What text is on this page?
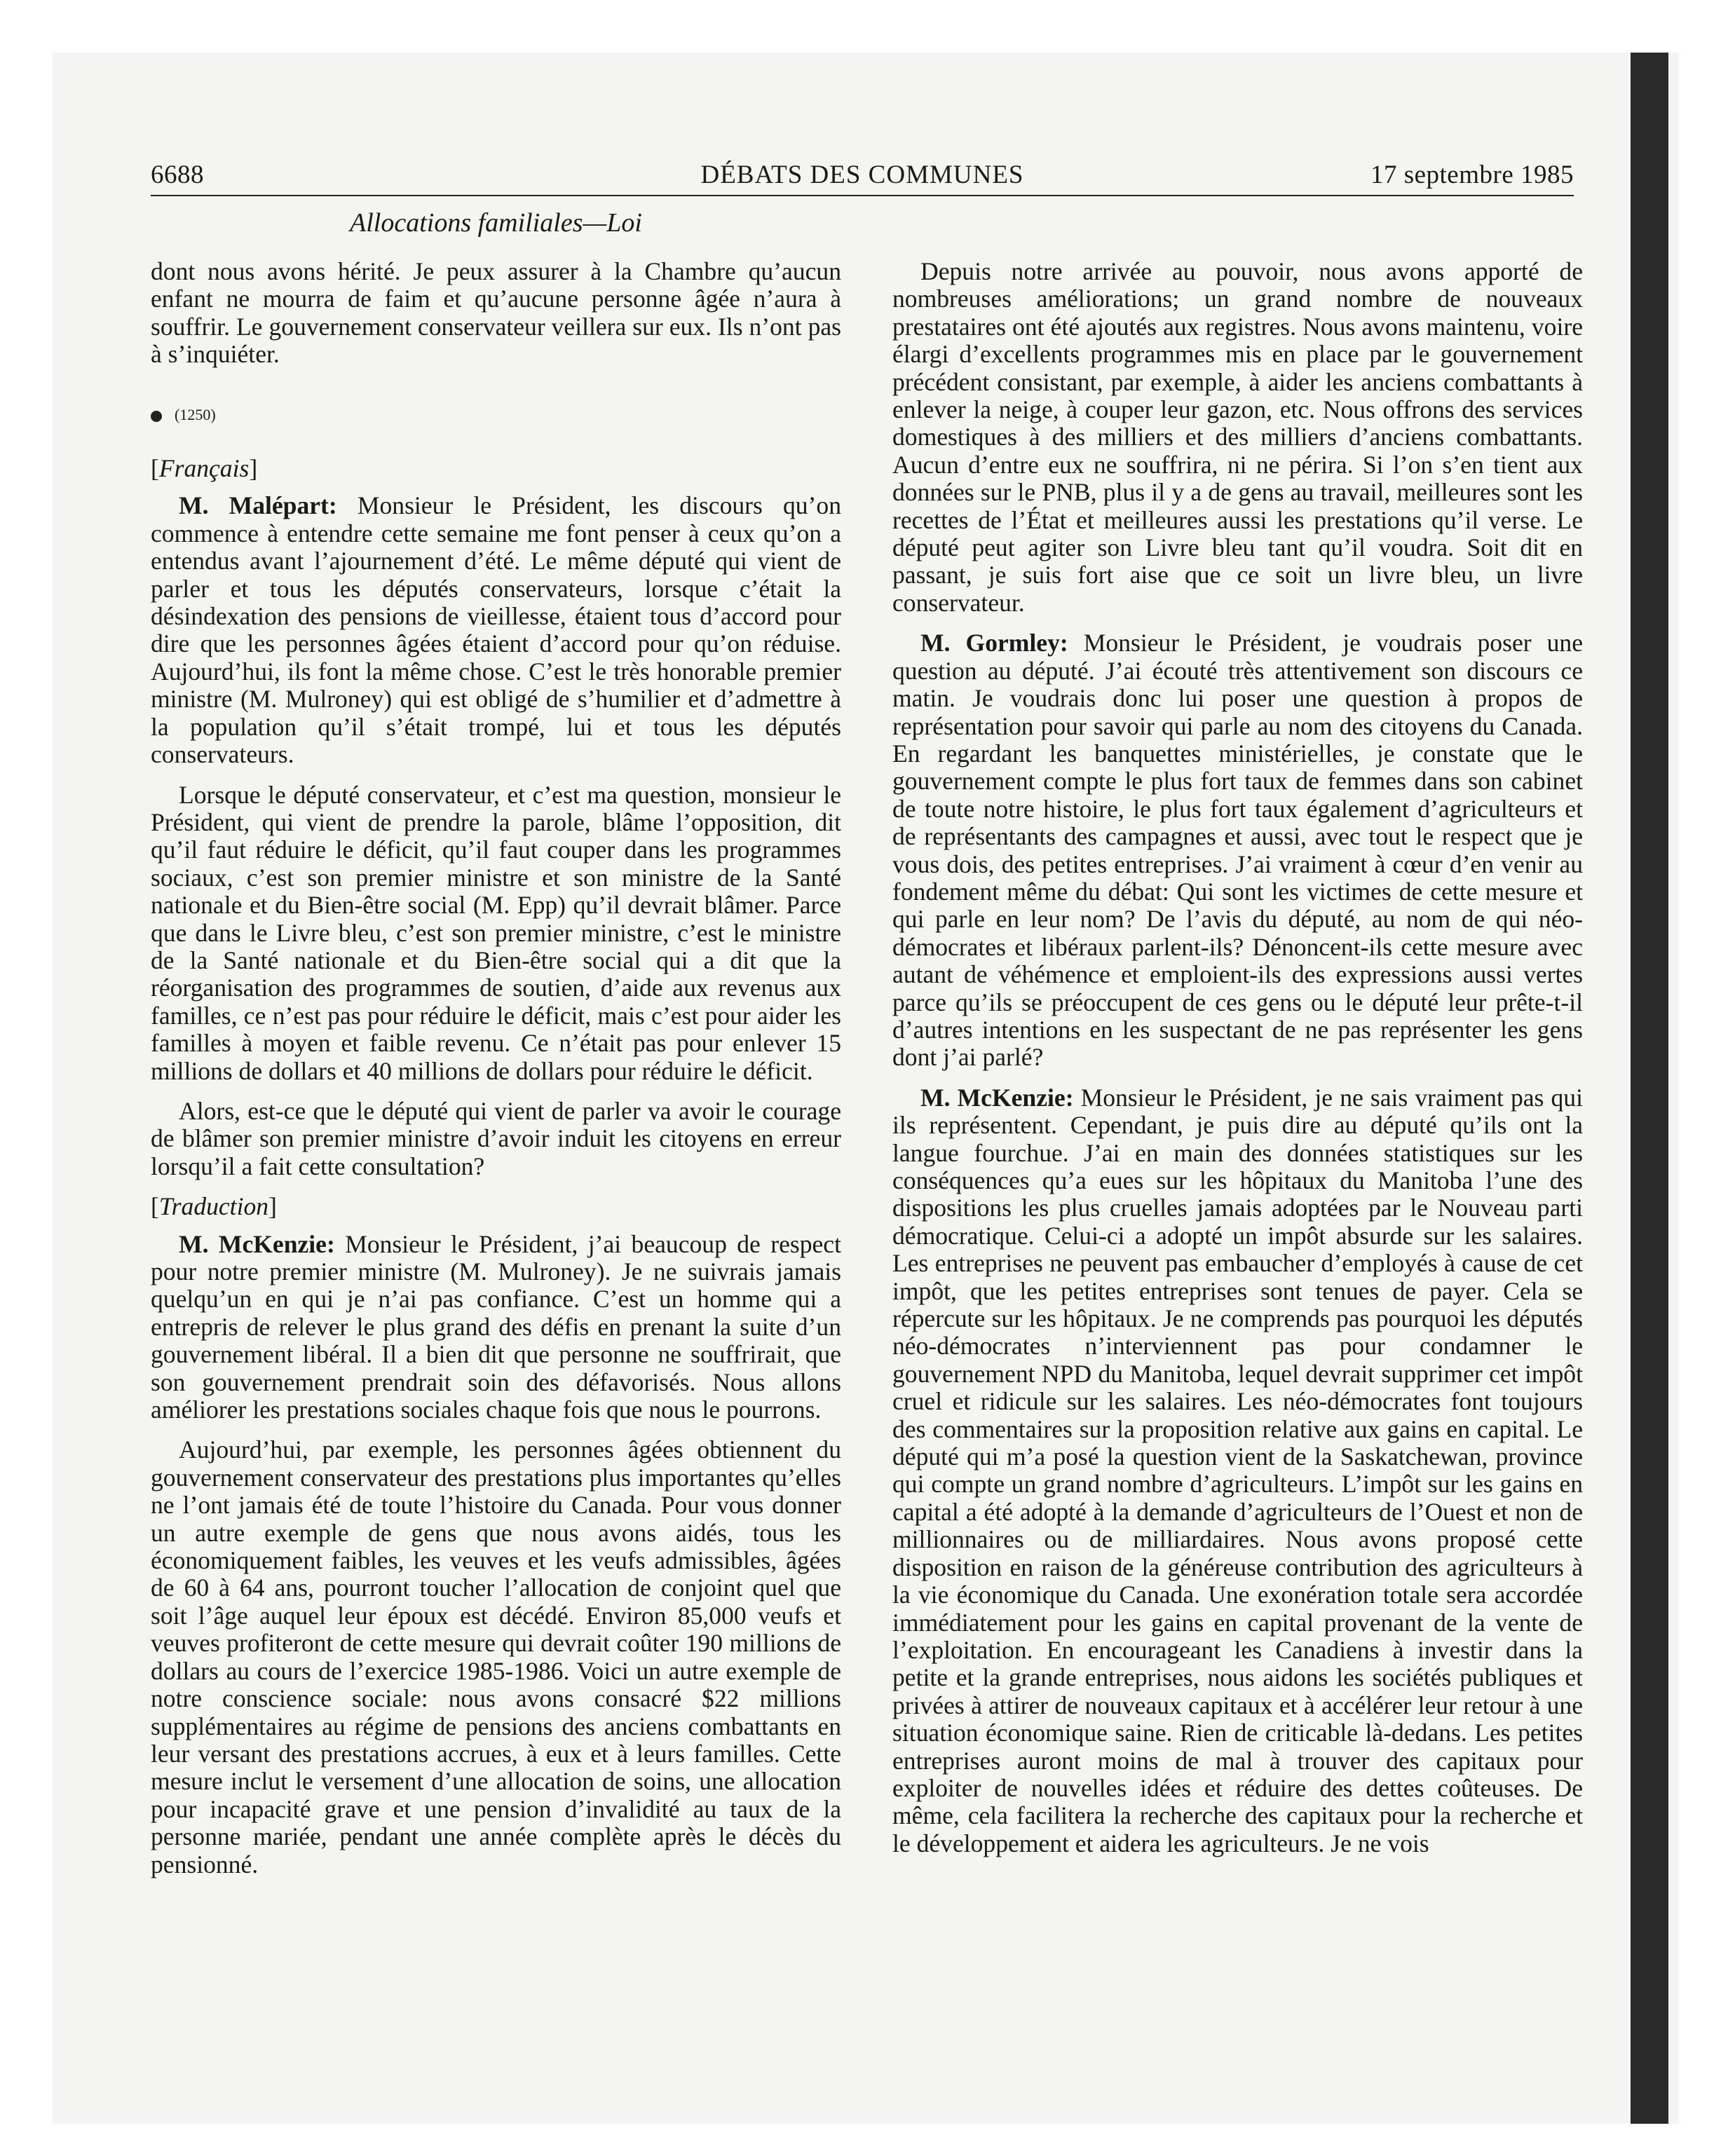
6688	DÉBATS DES COMMUNES	17 septembre 1985
Allocations familiales—Loi

dont nous avons hérité. Je peux assurer à la Chambre qu’aucun enfant ne mourra de faim et qu’aucune personne âgée n’aura à souffrir. Le gouvernement conservateur veillera sur eux. Ils n’ont pas à s’inquiéter.

(1250)
[Français]

M. Malépart: Monsieur le Président, les discours qu’on commence à entendre cette semaine me font penser à ceux qu’on a entendus avant l’ajournement d’été. Le même député qui vient de parler et tous les députés conservateurs, lorsque c’était la désindexation des pensions de vieillesse, étaient tous d’accord pour dire que les personnes âgées étaient d’accord pour qu’on réduise. Aujourd’hui, ils font la même chose. C’est le très honorable premier ministre (M. Mulroney) qui est obligé de s’humilier et d’admettre à la population qu’il s’était trompé, lui et tous les députés conservateurs.

Lorsque le député conservateur, et c’est ma question, monsieur le Président, qui vient de prendre la parole, blâme l’opposition, dit qu’il faut réduire le déficit, qu’il faut couper dans les programmes sociaux, c’est son premier ministre et son ministre de la Santé nationale et du Bien-être social (M. Epp) qu’il devrait blâmer. Parce que dans le Livre bleu, c’est son premier ministre, c’est le ministre de la Santé nationale et du Bien-être social qui a dit que la réorganisation des programmes de soutien, d’aide aux revenus aux familles, ce n’est pas pour réduire le déficit, mais c’est pour aider les familles à moyen et faible revenu. Ce n’était pas pour enlever 15 millions de dollars et 40 millions de dollars pour réduire le déficit.

Alors, est-ce que le député qui vient de parler va avoir le courage de blâmer son premier ministre d’avoir induit les citoyens en erreur lorsqu’il a fait cette consultation?

[Traduction]

M. McKenzie: Monsieur le Président, j’ai beaucoup de respect pour notre premier ministre (M. Mulroney). Je ne suivrais jamais quelqu’un en qui je n’ai pas confiance. C’est un homme qui a entrepris de relever le plus grand des défis en prenant la suite d’un gouvernement libéral. Il a bien dit que personne ne souffrirait, que son gouvernement prendrait soin des défavorisés. Nous allons améliorer les prestations sociales chaque fois que nous le pourrons.

Aujourd’hui, par exemple, les personnes âgées obtiennent du gouvernement conservateur des prestations plus importantes qu’elles ne l’ont jamais été de toute l’histoire du Canada. Pour vous donner un autre exemple de gens que nous avons aidés, tous les économiquement faibles, les veuves et les veufs admissibles, âgées de 60 à 64 ans, pourront toucher l’allocation de conjoint quel que soit l’âge auquel leur époux est décédé. Environ 85,000 veufs et veuves profiteront de cette mesure qui devrait coûter 190 millions de dollars au cours de l’exercice 1985-1986. Voici un autre exemple de notre conscience sociale: nous avons consacré $22 millions supplémentaires au régime de pensions des anciens combattants en leur versant des prestations accrues, à eux et à leurs familles. Cette mesure inclut le versement d’une allocation de soins, une allocation pour incapacité grave et une pension d’invalidité au taux de la personne mariée, pendant une année complète après le décès du pensionné.

Depuis notre arrivée au pouvoir, nous avons apporté de nombreuses améliorations; un grand nombre de nouveaux prestataires ont été ajoutés aux registres. Nous avons maintenu, voire élargi d’excellents programmes mis en place par le gouvernement précédent consistant, par exemple, à aider les anciens combattants à enlever la neige, à couper leur gazon, etc. Nous offrons des services domestiques à des milliers et des milliers d’anciens combattants. Aucun d’entre eux ne souffrira, ni ne périra. Si l’on s’en tient aux données sur le PNB, plus il y a de gens au travail, meilleures sont les recettes de l’État et meilleures aussi les prestations qu’il verse. Le député peut agiter son Livre bleu tant qu’il voudra. Soit dit en passant, je suis fort aise que ce soit un livre bleu, un livre conservateur.

M. Gormley: Monsieur le Président, je voudrais poser une question au député. J’ai écouté très attentivement son discours ce matin. Je voudrais donc lui poser une question à propos de représentation pour savoir qui parle au nom des citoyens du Canada. En regardant les banquettes ministérielles, je constate que le gouvernement compte le plus fort taux de femmes dans son cabinet de toute notre histoire, le plus fort taux également d’agriculteurs et de représentants des campagnes et aussi, avec tout le respect que je vous dois, des petites entreprises. J’ai vraiment à cœur d’en venir au fondement même du débat: Qui sont les victimes de cette mesure et qui parle en leur nom? De l’avis du député, au nom de qui néo-démocrates et libéraux parlent-ils? Dénoncent-ils cette mesure avec autant de véhémence et emploient-ils des expressions aussi vertes parce qu’ils se préoccupent de ces gens ou le député leur prête-t-il d’autres intentions en les suspectant de ne pas représenter les gens dont j’ai parlé?

M. McKenzie: Monsieur le Président, je ne sais vraiment pas qui ils représentent. Cependant, je puis dire au député qu’ils ont la langue fourchue. J’ai en main des données statistiques sur les conséquences qu’a eues sur les hôpitaux du Manitoba l’une des dispositions les plus cruelles jamais adoptées par le Nouveau parti démocratique. Celui-ci a adopté un impôt absurde sur les salaires. Les entreprises ne peuvent pas embaucher d’employés à cause de cet impôt, que les petites entreprises sont tenues de payer. Cela se répercute sur les hôpitaux. Je ne comprends pas pourquoi les députés néo-démocrates n’interviennent pas pour condamner le gouvernement NPD du Manitoba, lequel devrait supprimer cet impôt cruel et ridicule sur les salaires. Les néo-démocrates font toujours des commentaires sur la proposition relative aux gains en capital. Le député qui m’a posé la question vient de la Saskatchewan, province qui compte un grand nombre d’agriculteurs. L’impôt sur les gains en capital a été adopté à la demande d’agriculteurs de l’Ouest et non de millionnaires ou de milliardaires. Nous avons proposé cette disposition en raison de la généreuse contribution des agriculteurs à la vie économique du Canada. Une exonération totale sera accordée immédiatement pour les gains en capital provenant de la vente de l’exploitation. En encourageant les Canadiens à investir dans la petite et la grande entreprises, nous aidons les sociétés publiques et privées à attirer de nouveaux capitaux et à accélérer leur retour à une situation économique saine. Rien de criticable là-dedans. Les petites entreprises auront moins de mal à trouver des capitaux pour exploiter de nouvelles idées et réduire des dettes coûteuses. De même, cela facilitera la recherche des capitaux pour la recherche et le développement et aidera les agriculteurs. Je ne vois
